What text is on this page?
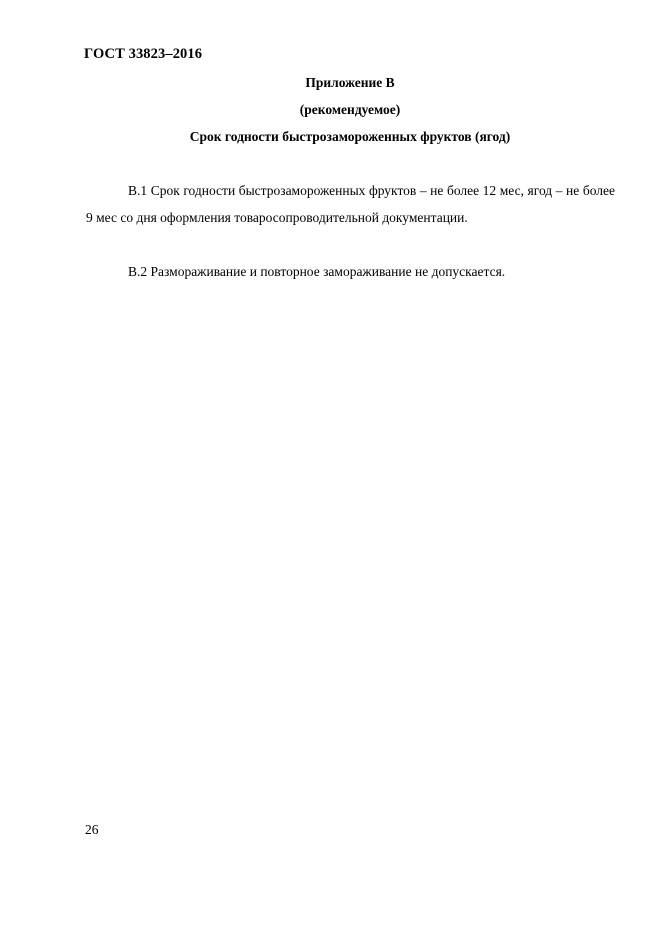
ГОСТ 33823–2016
Приложение В
(рекомендуемое)
Срок годности быстрозамороженных фруктов (ягод)

В.1 Срок годности быстрозамороженных фруктов – не более 12 мес, ягод – не более 9 мес со дня оформления товаросопроводительной документации.

В.2 Размораживание и повторное замораживание не допускается.

26
